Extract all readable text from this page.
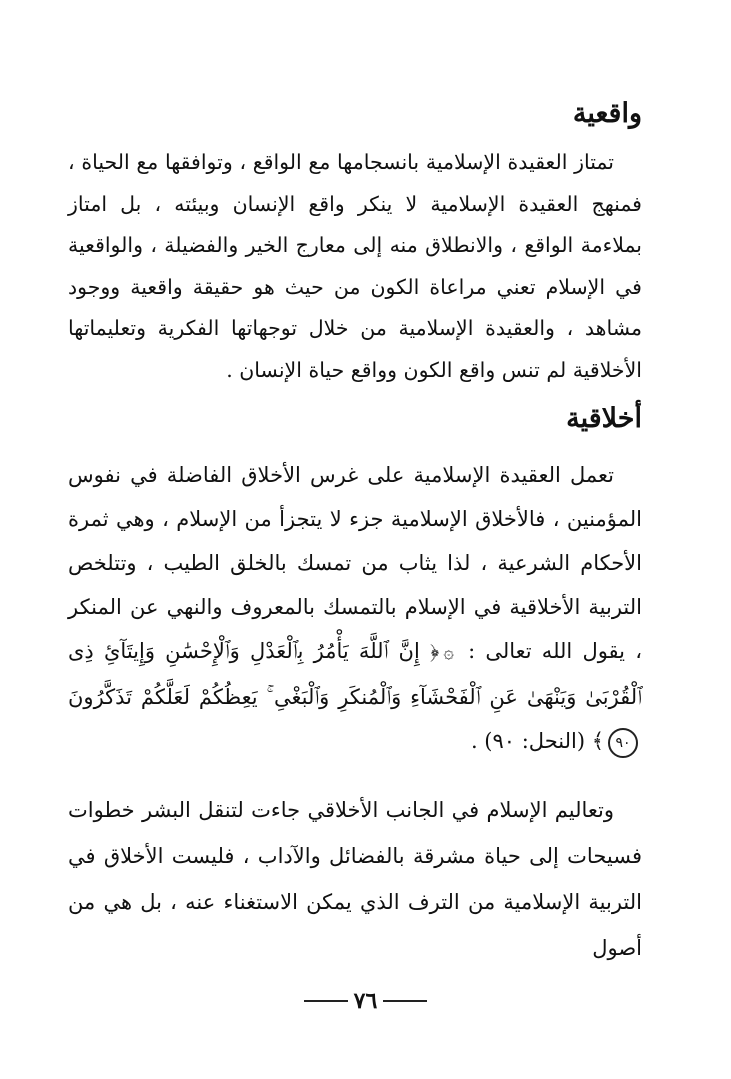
واقعية

تمتاز العقيدة الإسلامية بانسجامها مع الواقع ، وتوافقها مع الحياة ، فمنهج العقيدة الإسلامية لا ينكر واقع الإنسان وبيئته ، بل امتاز بملاءمة الواقع ، والانطلاق منه إلى معارج الخير والفضيلة ، والواقعية في الإسلام تعني مراعاة الكون من حيث هو حقيقة واقعية ووجود مشاهد ، والعقيدة الإسلامية من خلال توجهاتها الفكرية وتعليماتها الأخلاقية لم تنس واقع الكون وواقع حياة الإنسان .

أخلاقية

تعمل العقيدة الإسلامية على غرس الأخلاق الفاضلة في نفوس المؤمنين ، فالأخلاق الإسلامية جزء لا يتجزأ من الإسلام ، وهي ثمرة الأحكام الشرعية ، لذا يثاب من تمسك بالخلق الطيب ، وتتلخص التربية الأخلاقية في الإسلام بالتمسك بالمعروف والنهي عن المنكر ، يقول الله تعالى : ۞﴿ إِنَّ ٱللَّهَ يَأْمُرُ بِٱلْعَدْلِ وَٱلْإِحْسَٰنِ وَإِيتَآئِ ذِى ٱلْقُرْبَىٰ وَيَنْهَىٰ عَنِ ٱلْفَحْشَآءِ وَٱلْمُنكَرِ وَٱلْبَغْىِ ۚ يَعِظُكُمْ لَعَلَّكُمْ تَذَكَّرُونَ ٩٠﴾ (النحل: ٩٠) .

وتعاليم الإسلام في الجانب الأخلاقي جاءت لتنقل البشر خطوات فسيحات إلى حياة مشرقة بالفضائل والآداب ، فليست الأخلاق في التربية الإسلامية من الترف الذي يمكن الاستغناء عنه ، بل هي من أصول

٧٦
